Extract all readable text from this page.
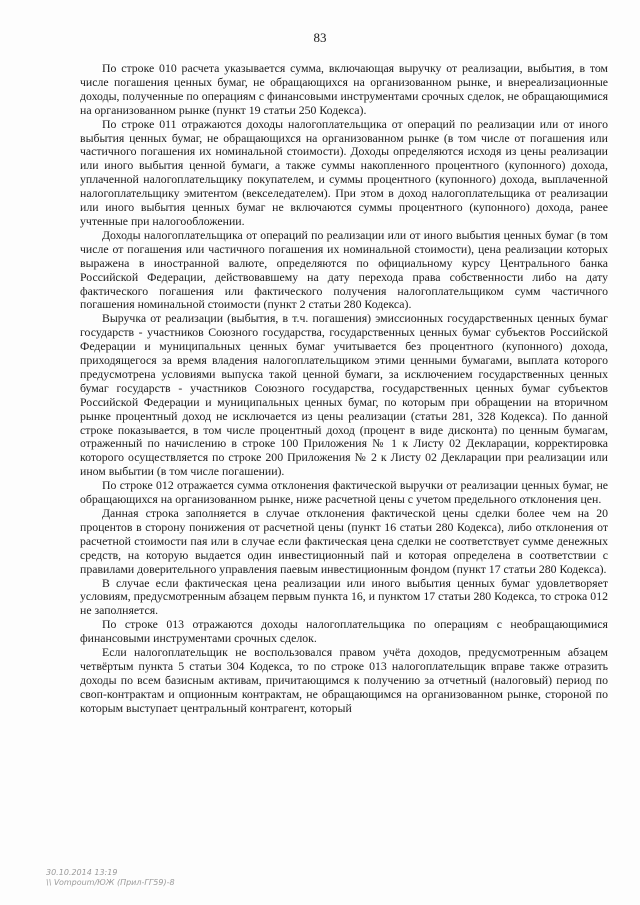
83

По строке 010 расчета указывается сумма, включающая выручку от реализации, выбытия, в том числе погашения ценных бумаг, не обращающихся на организованном рынке, и внереализационные доходы, полученные по операциям с финансовыми инструментами срочных сделок, не обращающимися на организованном рынке (пункт 19 статьи 250 Кодекса).

По строке 011 отражаются доходы налогоплательщика от операций по реализации или от иного выбытия ценных бумаг, не обращающихся на организованном рынке (в том числе от погашения или частичного погашения их номинальной стоимости). Доходы определяются исходя из цены реализации или иного выбытия ценной бумаги, а также суммы накопленного процентного (купонного) дохода, уплаченной налогоплательщику покупателем, и суммы процентного (купонного) дохода, выплаченной налогоплательщику эмитентом (векселедателем). При этом в доход налогоплательщика от реализации или иного выбытия ценных бумаг не включаются суммы процентного (купонного) дохода, ранее учтенные при налогообложении.

Доходы налогоплательщика от операций по реализации или от иного выбытия ценных бумаг (в том числе от погашения или частичного погашения их номинальной стоимости), цена реализации которых выражена в иностранной валюте, определяются по официальному курсу Центрального банка Российской Федерации, действовавшему на дату перехода права собственности либо на дату фактического погашения или фактического получения налогоплательщиком сумм частичного погашения номинальной стоимости (пункт 2 статьи 280 Кодекса).

Выручка от реализации (выбытия, в т.ч. погашения) эмиссионных государственных ценных бумаг государств - участников Союзного государства, государственных ценных бумаг субъектов Российской Федерации и муниципальных ценных бумаг учитывается без процентного (купонного) дохода, приходящегося за время владения налогоплательщиком этими ценными бумагами, выплата которого предусмотрена условиями выпуска такой ценной бумаги, за исключением государственных ценных бумаг государств - участников Союзного государства, государственных ценных бумаг субъектов Российской Федерации и муниципальных ценных бумаг, по которым при обращении на вторичном рынке процентный доход не исключается из цены реализации (статьи 281, 328 Кодекса). По данной строке показывается, в том числе процентный доход (процент в виде дисконта) по ценным бумагам, отраженный по начислению в строке 100 Приложения № 1 к Листу 02 Декларации, корректировка которого осуществляется по строке 200 Приложения № 2 к Листу 02 Декларации при реализации или ином выбытии (в том числе погашении).

По строке 012 отражается сумма отклонения фактической выручки от реализации ценных бумаг, не обращающихся на организованном рынке, ниже расчетной цены с учетом предельного отклонения цен.

Данная строка заполняется в случае отклонения фактической цены сделки более чем на 20 процентов в сторону понижения от расчетной цены (пункт 16 статьи 280 Кодекса), либо отклонения от расчетной стоимости пая или в случае если фактическая цена сделки не соответствует сумме денежных средств, на которую выдается один инвестиционный пай и которая определена в соответствии с правилами доверительного управления паевым инвестиционным фондом (пункт 17 статьи 280 Кодекса).

В случае если фактическая цена реализации или иного выбытия ценных бумаг удовлетворяет условиям, предусмотренным абзацем первым пункта 16, и пунктом 17 статьи 280 Кодекса, то строка 012 не заполняется.

По строке 013 отражаются доходы налогоплательщика по операциям с необращающимися финансовыми инструментами срочных сделок.

Если налогоплательщик не воспользовался правом учёта доходов, предусмотренным абзацем четвёртым пункта 5 статьи 304 Кодекса, то по строке 013 налогоплательщик вправе также отразить доходы по всем базисным активам, причитающимся к получению за отчетный (налоговый) период по своп-контрактам и опционным контрактам, не обращающимся на организованном рынке, стороной по которым выступает центральный контрагент, который

30.10.2014 13:19
\\ Vompoum/ЮЖ (Прил-ГГ59)-8
